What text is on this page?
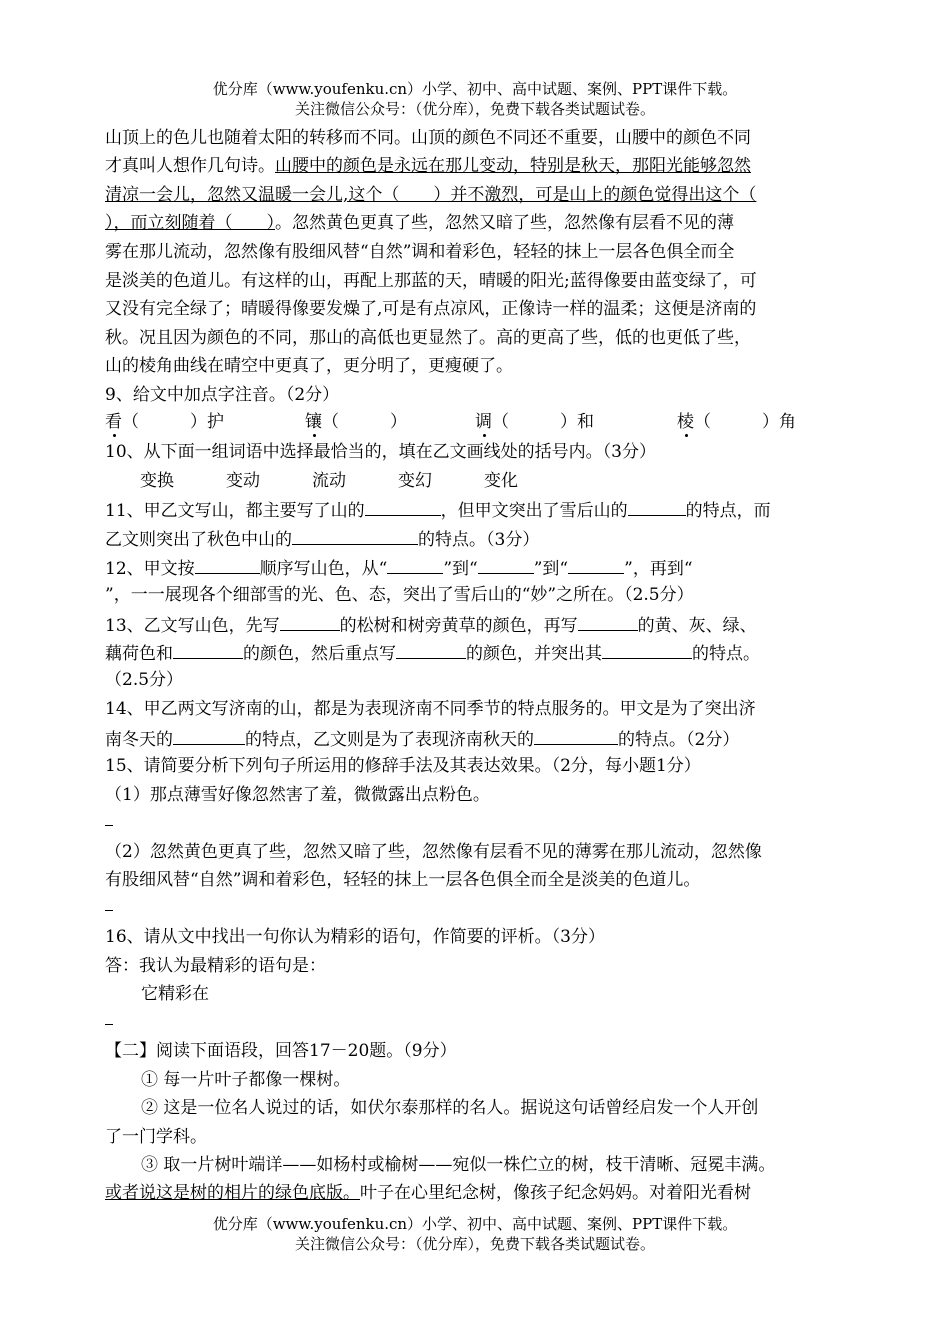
优分库（www.youfenku.cn）小学、初中、高中试题、案例、PPT课件下载。
关注微信公众号：（优分库），免费下载各类试题试卷。
山顶上的色儿也随着太阳的转移而不同。山顶的颜色不同还不重要，山腰中的颜色不同
才真叫人想作几句诗。山腰中的颜色是永远在那儿变动，特别是秋天，那阳光能够忽然
清凉一会儿，忽然又温暖一会儿,这个（　　）并不激烈，可是山上的颜色觉得出这个（
），而立刻随着（　　）。忽然黄色更真了些，忽然又暗了些，忽然像有层看不见的薄
雾在那儿流动，忽然像有股细风替“自然”调和着彩色，轻轻的抹上一层各色俱全而全
是淡美的色道儿。有这样的山，再配上那蓝的天，晴暖的阳光;蓝得像要由蓝变绿了，可
又没有完全绿了；晴暖得像要发燥了,可是有点凉风，正像诗一样的温柔；这便是济南的
秋。况且因为颜色的不同，那山的高低也更显然了。高的更高了些，低的也更低了些，
山的棱角曲线在晴空中更真了，更分明了，更瘦硬了。
9、给文中加点字注音。（2分）
看（　　　）护	镶（　　　）	调（　　　）和	棱（　　　）角
10、从下面一组词语中选择最恰当的，填在乙文画线处的括号内。（3分）
变换	变动	流动	变幻	变化
11、甲乙文写山，都主要写了山的	，但甲文突出了雪后山的	的特点，而
乙文则突出了秋色中山的	的特点。（3分）
12、甲文按	顺序写山色，从“	”到“	”到“	”，再到“
”，一一展现各个细部雪的光、色、态，突出了雪后山的“妙”之所在。（2.5分）
13、乙文写山色，先写	的松树和树旁黄草的颜色，再写	的黄、灰、绿、
藕荷色和	的颜色，然后重点写	的颜色，并突出其	的特点。
（2.5分）
14、甲乙两文写济南的山，都是为表现济南不同季节的特点服务的。甲文是为了突出济
南冬天的	的特点，乙文则是为了表现济南秋天的	的特点。（2分）
15、请简要分析下列句子所运用的修辞手法及其表达效果。（2分，每小题1分）
（1）那点薄雪好像忽然害了羞，微微露出点粉色。
（2）忽然黄色更真了些，忽然又暗了些，忽然像有层看不见的薄雾在那儿流动，忽然像
有股细风替“自然”调和着彩色，轻轻的抹上一层各色俱全而全是淡美的色道儿。
16、请从文中找出一句你认为精彩的语句，作简要的评析。（3分）
答：我认为最精彩的语句是：
它精彩在
【二】阅读下面语段，回答17－20题。（9分）
① 每一片叶子都像一棵树。
② 这是一位名人说过的话，如伏尔泰那样的名人。据说这句话曾经启发一个人开创
了一门学科。
③ 取一片树叶端详——如杨村或榆树——宛似一株伫立的树，枝干清晰、冠冕丰满。
或者说这是树的相片的绿色底版。叶子在心里纪念树，像孩子纪念妈妈。对着阳光看树
优分库（www.youfenku.cn）小学、初中、高中试题、案例、PPT课件下载。
关注微信公众号：（优分库），免费下载各类试题试卷。
